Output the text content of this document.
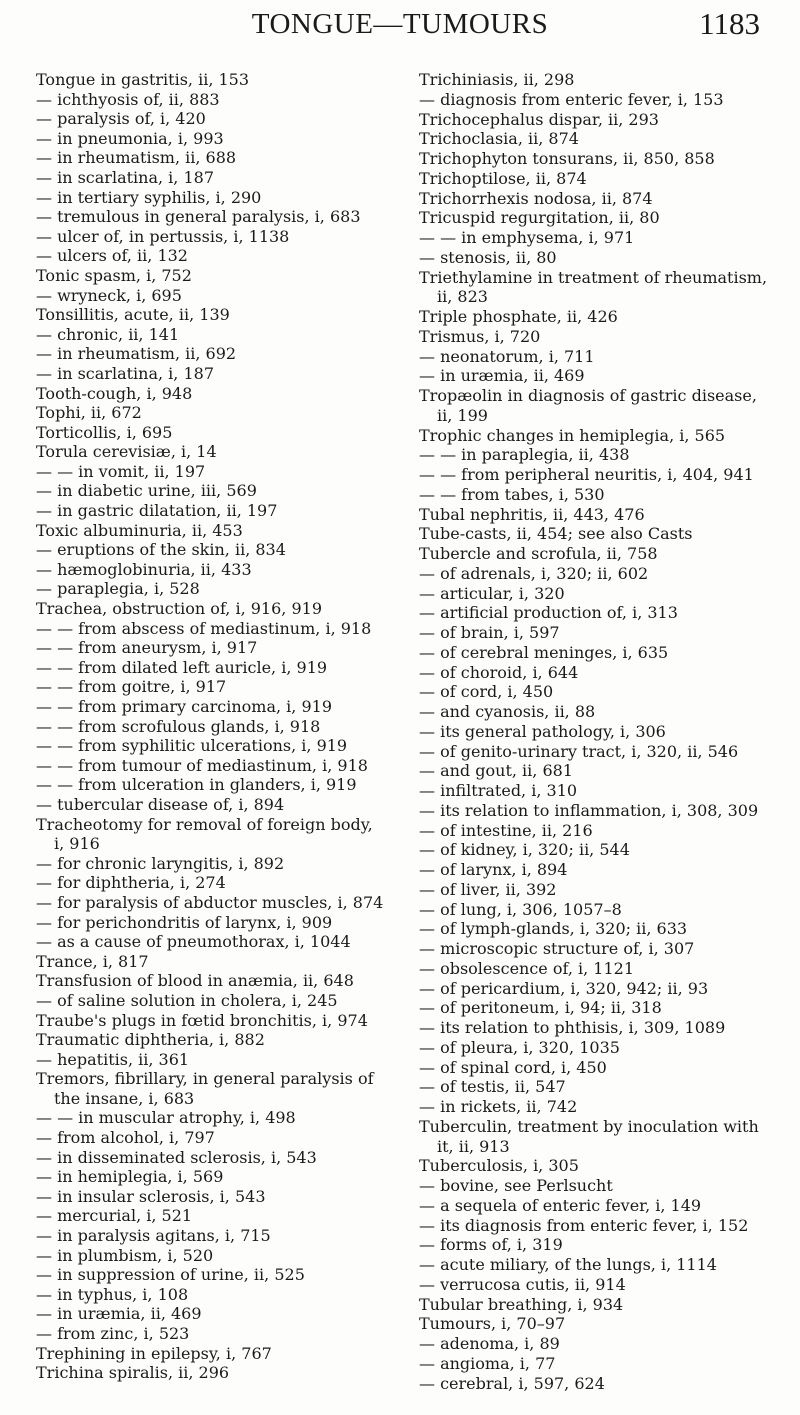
TONGUE—TUMOURS	1183
Tongue in gastritis, ii, 153
— ichthyosis of, ii, 883
— paralysis of, i, 420
— in pneumonia, i, 993
— in rheumatism, ii, 688
— in scarlatina, i, 187
— in tertiary syphilis, i, 290
— tremulous in general paralysis, i, 683
— ulcer of, in pertussis, i, 1138
— ulcers of, ii, 132
Tonic spasm, i, 752
— wryneck, i, 695
Tonsillitis, acute, ii, 139
— chronic, ii, 141
— in rheumatism, ii, 692
— in scarlatina, i, 187
Tooth-cough, i, 948
Tophi, ii, 672
Torticollis, i, 695
Torula cerevisiæ, i, 14
— — in vomit, ii, 197
— in diabetic urine, iii, 569
— in gastric dilatation, ii, 197
Toxic albuminuria, ii, 453
— eruptions of the skin, ii, 834
— hæmoglobinuria, ii, 433
— paraplegia, i, 528
Trachea, obstruction of, i, 916, 919
— — from abscess of mediastinum, i, 918
— — from aneurysm, i, 917
— — from dilated left auricle, i, 919
— — from goitre, i, 917
— — from primary carcinoma, i, 919
— — from scrofulous glands, i, 918
— — from syphilitic ulcerations, i, 919
— — from tumour of mediastinum, i, 918
— — from ulceration in glanders, i, 919
— tubercular disease of, i, 894
Tracheotomy for removal of foreign body, i, 916
— for chronic laryngitis, i, 892
— for diphtheria, i, 274
— for paralysis of abductor muscles, i, 874
— for perichondritis of larynx, i, 909
— as a cause of pneumothorax, i, 1044
Trance, i, 817
Transfusion of blood in anæmia, ii, 648
— of saline solution in cholera, i, 245
Traube's plugs in fœtid bronchitis, i, 974
Traumatic diphtheria, i, 882
— hepatitis, ii, 361
Tremors, fibrillary, in general paralysis of the insane, i, 683
— — in muscular atrophy, i, 498
— from alcohol, i, 797
— in disseminated sclerosis, i, 543
— in hemiplegia, i, 569
— in insular sclerosis, i, 543
— mercurial, i, 521
— in paralysis agitans, i, 715
— in plumbism, i, 520
— in suppression of urine, ii, 525
— in typhus, i, 108
— in uræmia, ii, 469
— from zinc, i, 523
Trephining in epilepsy, i, 767
Trichina spiralis, ii, 296
Trichiniasis, ii, 298
— diagnosis from enteric fever, i, 153
Trichocephalus dispar, ii, 293
Trichoclasia, ii, 874
Trichophyton tonsurans, ii, 850, 858
Trichoptilose, ii, 874
Trichorrhexis nodosa, ii, 874
Tricuspid regurgitation, ii, 80
— — in emphysema, i, 971
— stenosis, ii, 80
Triethylamine in treatment of rheumatism, ii, 823
Triple phosphate, ii, 426
Trismus, i, 720
— neonatorum, i, 711
— in uræmia, ii, 469
Tropæolin in diagnosis of gastric disease, ii, 199
Trophic changes in hemiplegia, i, 565
— — in paraplegia, ii, 438
— — from peripheral neuritis, i, 404, 941
— — from tabes, i, 530
Tubal nephritis, ii, 443, 476
Tube-casts, ii, 454; see also Casts
Tubercle and scrofula, ii, 758
— of adrenals, i, 320; ii, 602
— articular, i, 320
— artificial production of, i, 313
— of brain, i, 597
— of cerebral meninges, i, 635
— of choroid, i, 644
— of cord, i, 450
— and cyanosis, ii, 88
— its general pathology, i, 306
— of genito-urinary tract, i, 320, ii, 546
— and gout, ii, 681
— infiltrated, i, 310
— its relation to inflammation, i, 308, 309
— of intestine, ii, 216
— of kidney, i, 320; ii, 544
— of larynx, i, 894
— of liver, ii, 392
— of lung, i, 306, 1057–8
— of lymph-glands, i, 320; ii, 633
— microscopic structure of, i, 307
— obsolescence of, i, 1121
— of pericardium, i, 320, 942; ii, 93
— of peritoneum, i, 94; ii, 318
— its relation to phthisis, i, 309, 1089
— of pleura, i, 320, 1035
— of spinal cord, i, 450
— of testis, ii, 547
— in rickets, ii, 742
Tuberculin, treatment by inoculation with it, ii, 913
Tuberculosis, i, 305
— bovine, see Perlsucht
— a sequela of enteric fever, i, 149
— its diagnosis from enteric fever, i, 152
— forms of, i, 319
— acute miliary, of the lungs, i, 1114
— verrucosa cutis, ii, 914
Tubular breathing, i, 934
Tumours, i, 70–97
— adenoma, i, 89
— angioma, i, 77
— cerebral, i, 597, 624
